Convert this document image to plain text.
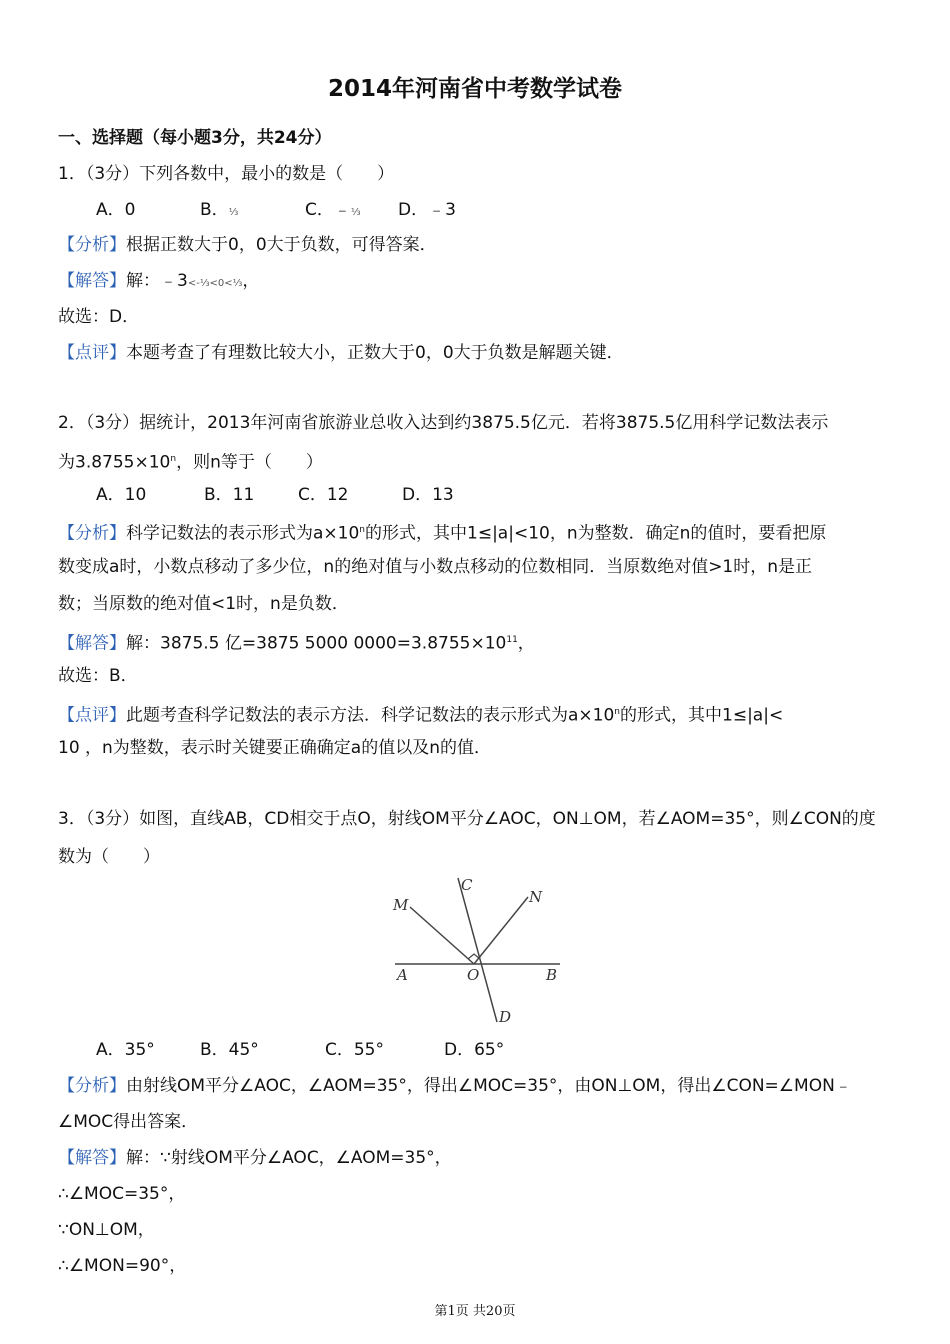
2014年河南省中考数学试卷
一、选择题（每小题3分，共24分）
1．（3分）下列各数中，最小的数是（　　）
A．0	B．⅓	C．﹣⅓ D．﹣3
【分析】根据正数大于0，0大于负数，可得答案．
【解答】解：﹣3<-⅓<0<⅓，
故选：D．
【点评】本题考查了有理数比较大小，正数大于0，0大于负数是解题关键．
2．（3分）据统计，2013年河南省旅游业总收入达到约3875.5亿元．若将3875.5亿用科学记数法表示
为$3.8755\times 10^n$，则n等于（　　）
A．10	B．11	C．12	D．13
【分析】科学记数法的表示形式为$a\times 10^n$的形式，其中1≤|a|<10，n为整数．确定n的值时，要看把原
数变成a时，小数点移动了多少位，n的绝对值与小数点移动的位数相同．当原数绝对值>1时，n是正
数；当原数的绝对值<1时，n是负数．
【解答】解：3875.5 亿=3875 5000 $0000=3.8755\times 10^{11}$，
故选：B．
【点评】此题考查科学记数法的表示方法．科学记数法的表示形式为$a\times 10^n$的形式，其中1≤|a|<
10 ，n为整数，表示时关键要正确确定a的值以及n的值．
3．（3分）如图，直线AB，CD相交于点O，射线OM平分∠AOC，ON⊥OM，若∠AOM=35°，则∠CON的度
数为（　　）
M
C
N
A	O	B
D
A．35°	B．45°	C．55°	D．65°
【分析】由射线OM平分∠AOC，∠AOM=35°，得出∠MOC=35°，由ON⊥OM，得出∠CON=∠MON﹣
∠MOC得出答案．
【解答】解：∵射线OM平分∠AOC，∠AOM=35°，
∴∠MOC=35°，
∵ON⊥OM，
∴∠MON=90°，
第1页 共20页
